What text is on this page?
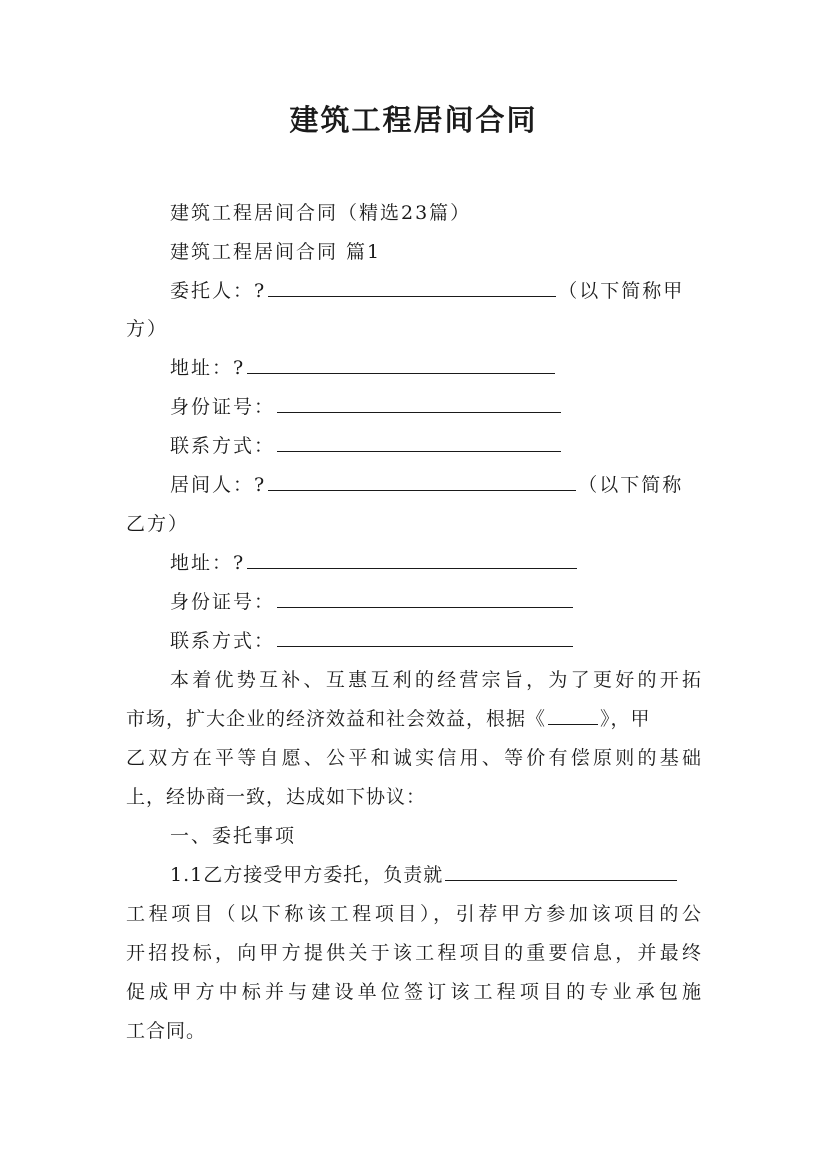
建筑工程居间合同
建筑工程居间合同（精选23篇）
建筑工程居间合同 篇1
委托人：?	（以下简称甲
方）
地址：?
身份证号：
联系方式：
居间人：?	（以下简称
乙方）
地址：?
身份证号：
联系方式：
本着优势互补、互惠互利的经营宗旨，为了更好的开拓
市场，扩大企业的经济效益和社会效益，根据《	》，甲
乙双方在平等自愿、公平和诚实信用、等价有偿原则的基础
上，经协商一致，达成如下协议：
一、委托事项
1.1乙方接受甲方委托，负责就
工程项目（以下称该工程项目），引荐甲方参加该项目的公
开招投标，向甲方提供关于该工程项目的重要信息，并最终
促成甲方中标并与建设单位签订该工程项目的专业承包施
工合同。
